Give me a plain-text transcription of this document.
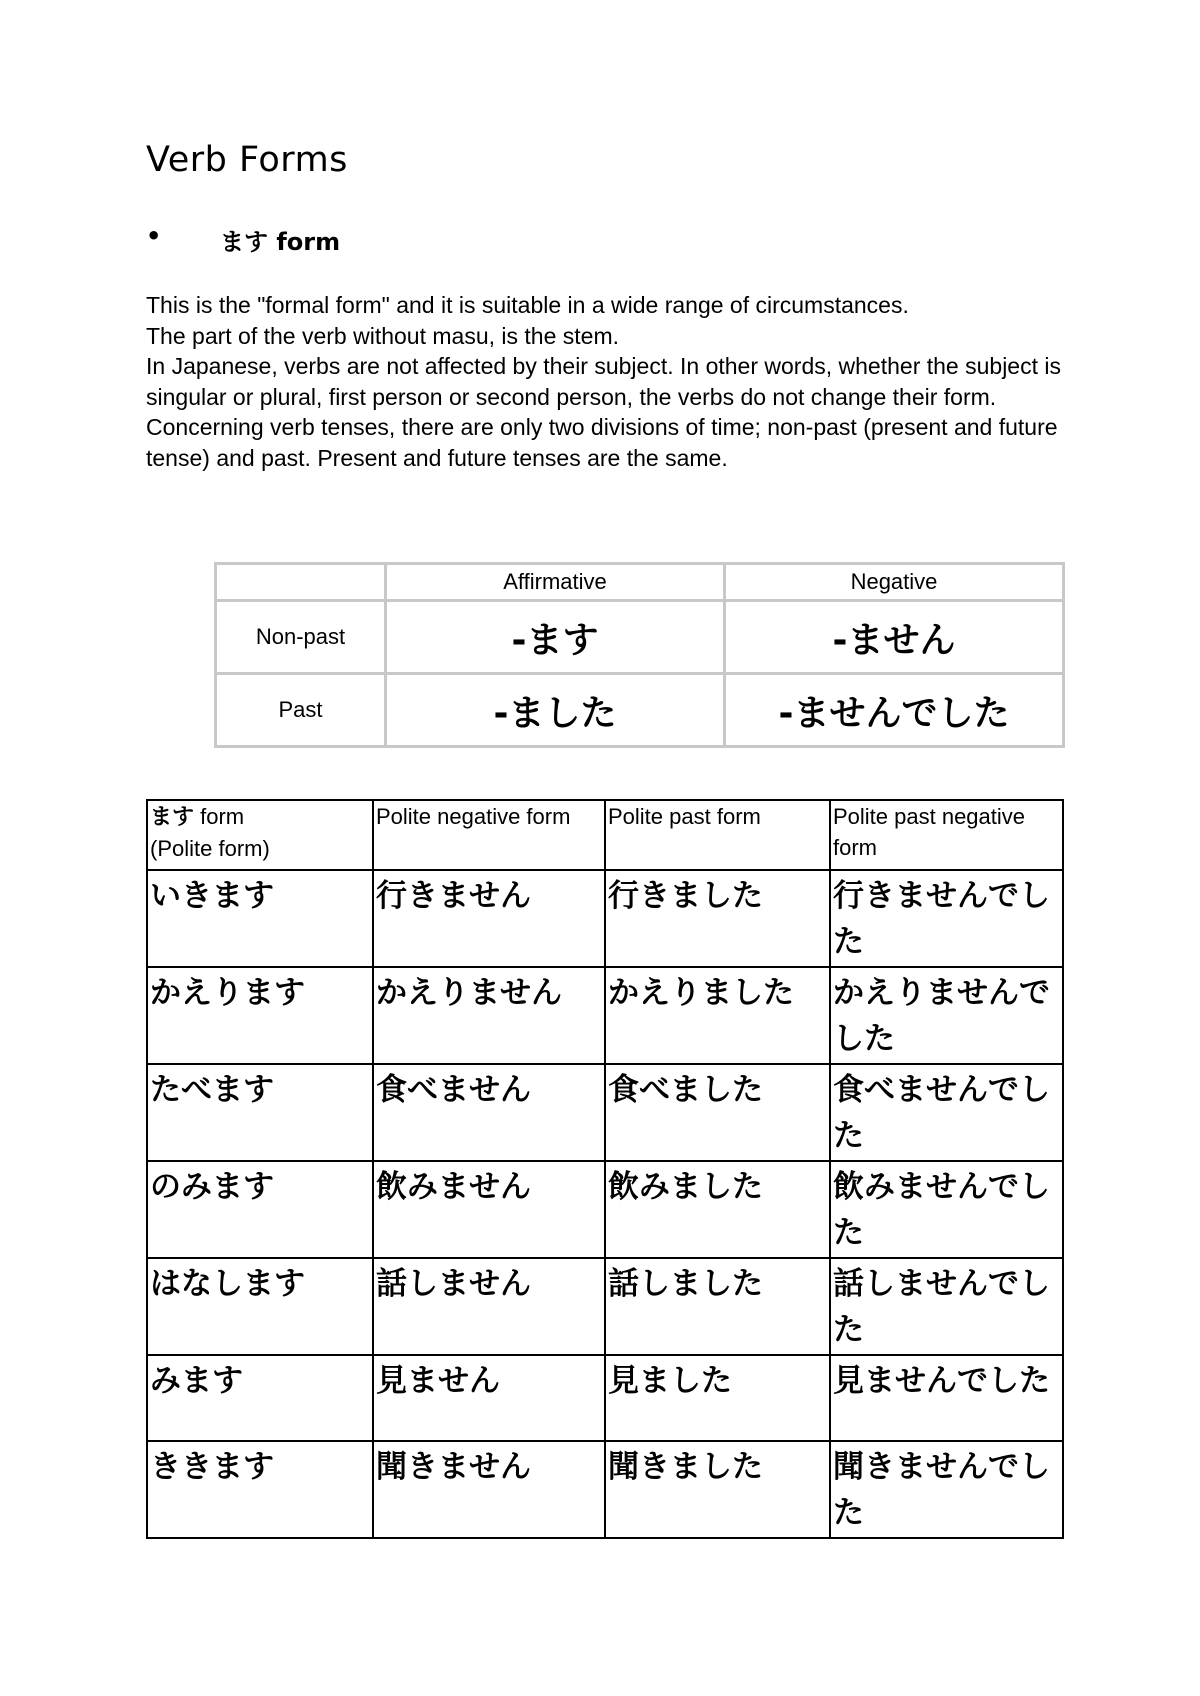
Verb Forms
• ます form

This is the "formal form" and it is suitable in a wide range of circumstances.

The part of the verb without masu, is the stem.

In Japanese, verbs are not affected by their subject. In other words, whether the subject is singular or plural, first person or second person, the verbs do not change their form. Concerning verb tenses, there are only two divisions of time; non-past (present and future tense) and past. Present and future tenses are the same.

	Affirmative	Negative
Non-past	-ます	-ません
Past	-ました	-ませんでした
ます form
(Polite form)	Polite negative form	Polite past form	Polite past negative form
いきます	行きません	行きました	行きませんでした
かえります	かえりません	かえりました	かえりませんでした
たべます	食べません	食べました	食べませんでした
のみます	飲みません	飲みました	飲みませんでした
はなします	話しません	話しました	話しませんでした
みます	見ません	見ました	見ませんでした
ききます	聞きません	聞きました	聞きませんでした
